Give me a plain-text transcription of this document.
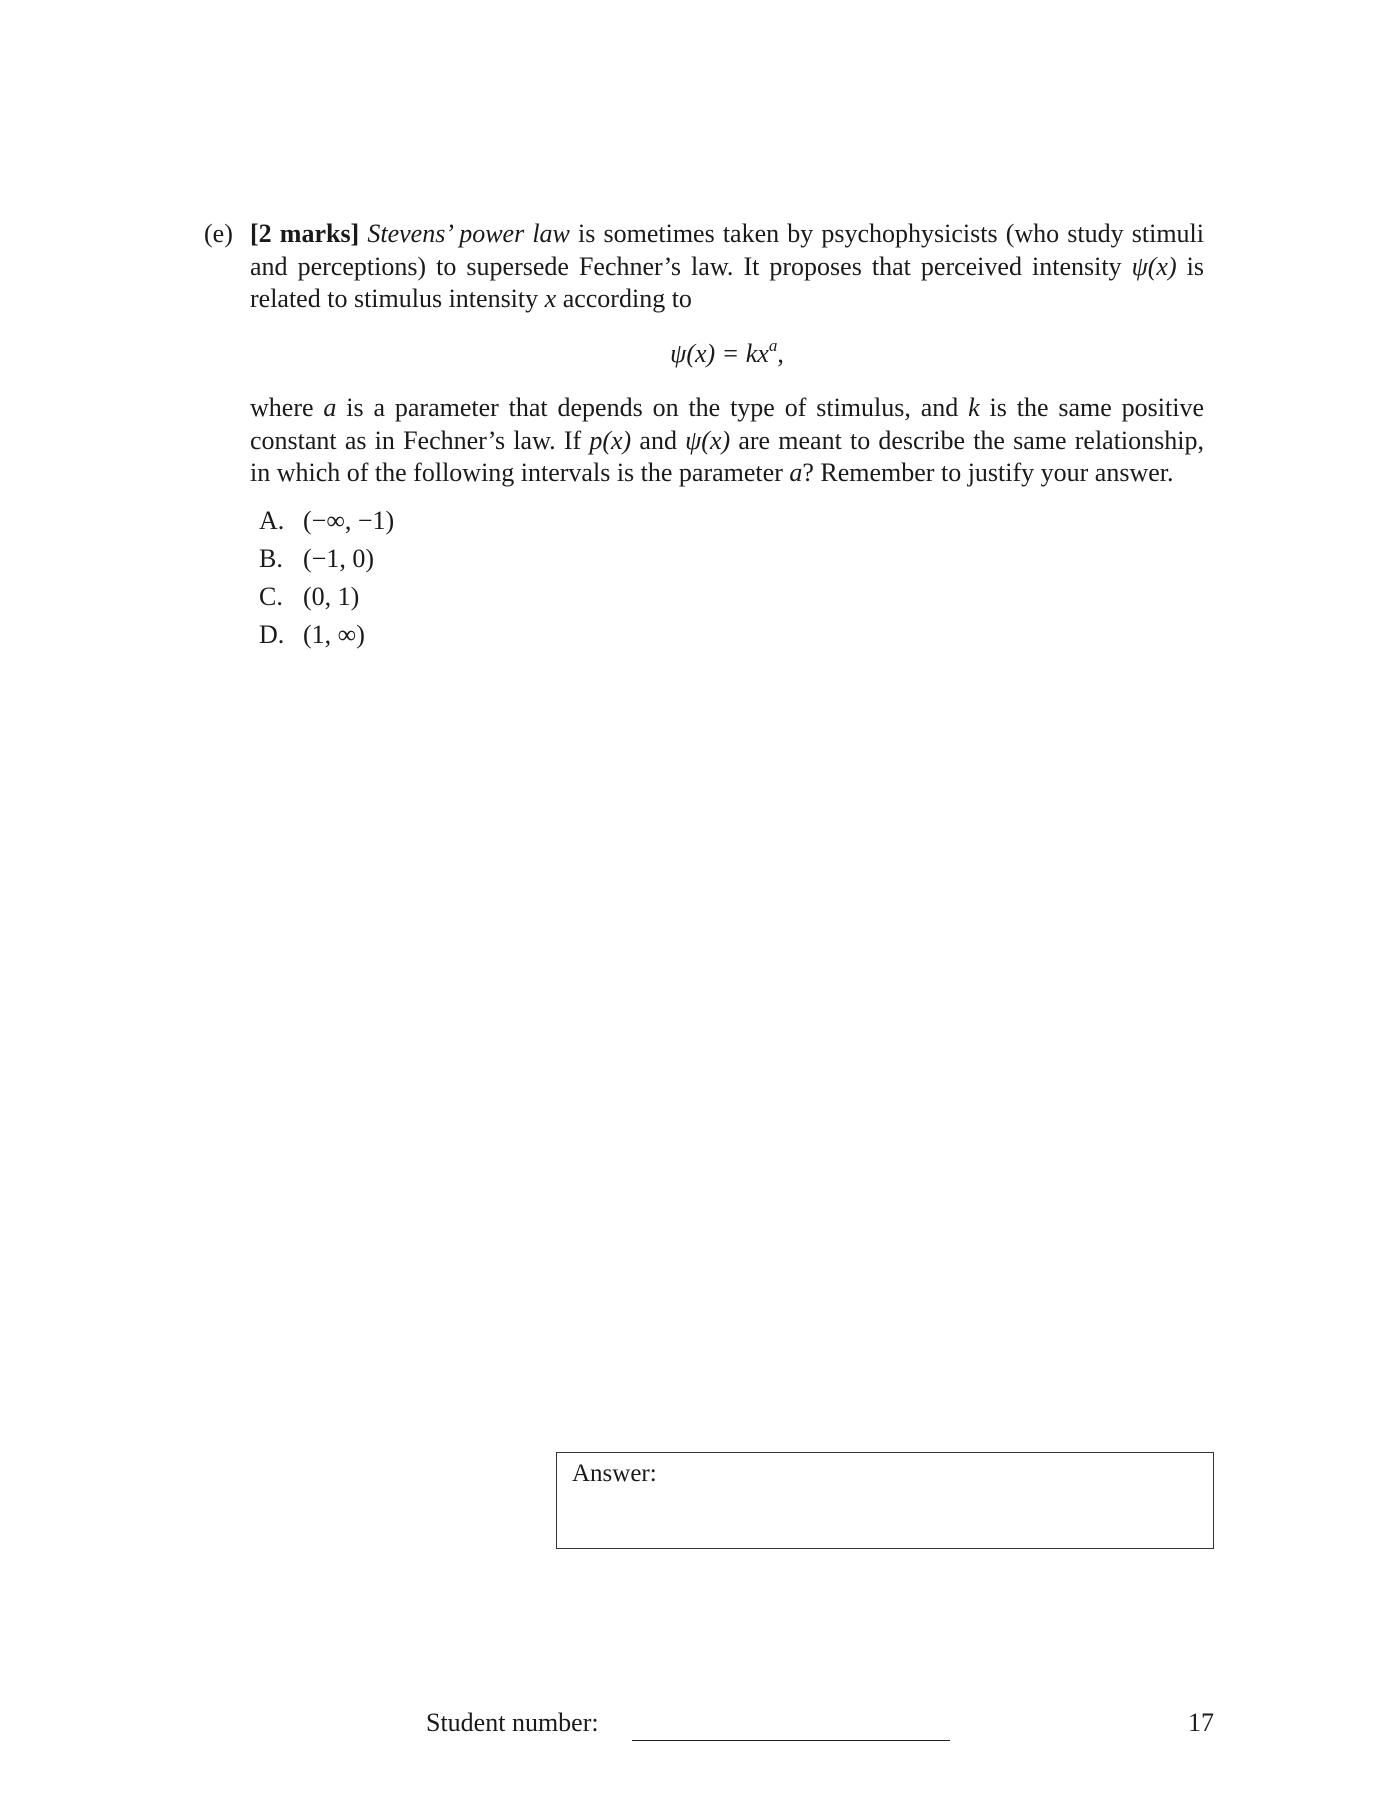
(e) [2 marks] Stevens’ power law is sometimes taken by psychophysicists (who study stimuli and perceptions) to supersede Fechner’s law. It proposes that perceived intensity ψ(x) is related to stimulus intensity x according to
$\psi(x) = kx^a$,
where a is a parameter that depends on the type of stimulus, and k is the same positive constant as in Fechner’s law. If p(x) and ψ(x) are meant to describe the same relationship, in which of the following intervals is the parameter a? Remember to justify your answer.
A. (−∞, −1)
B. (−1, 0)
C. (0, 1)
D. (1, ∞)
Answer:
Student number:	17
